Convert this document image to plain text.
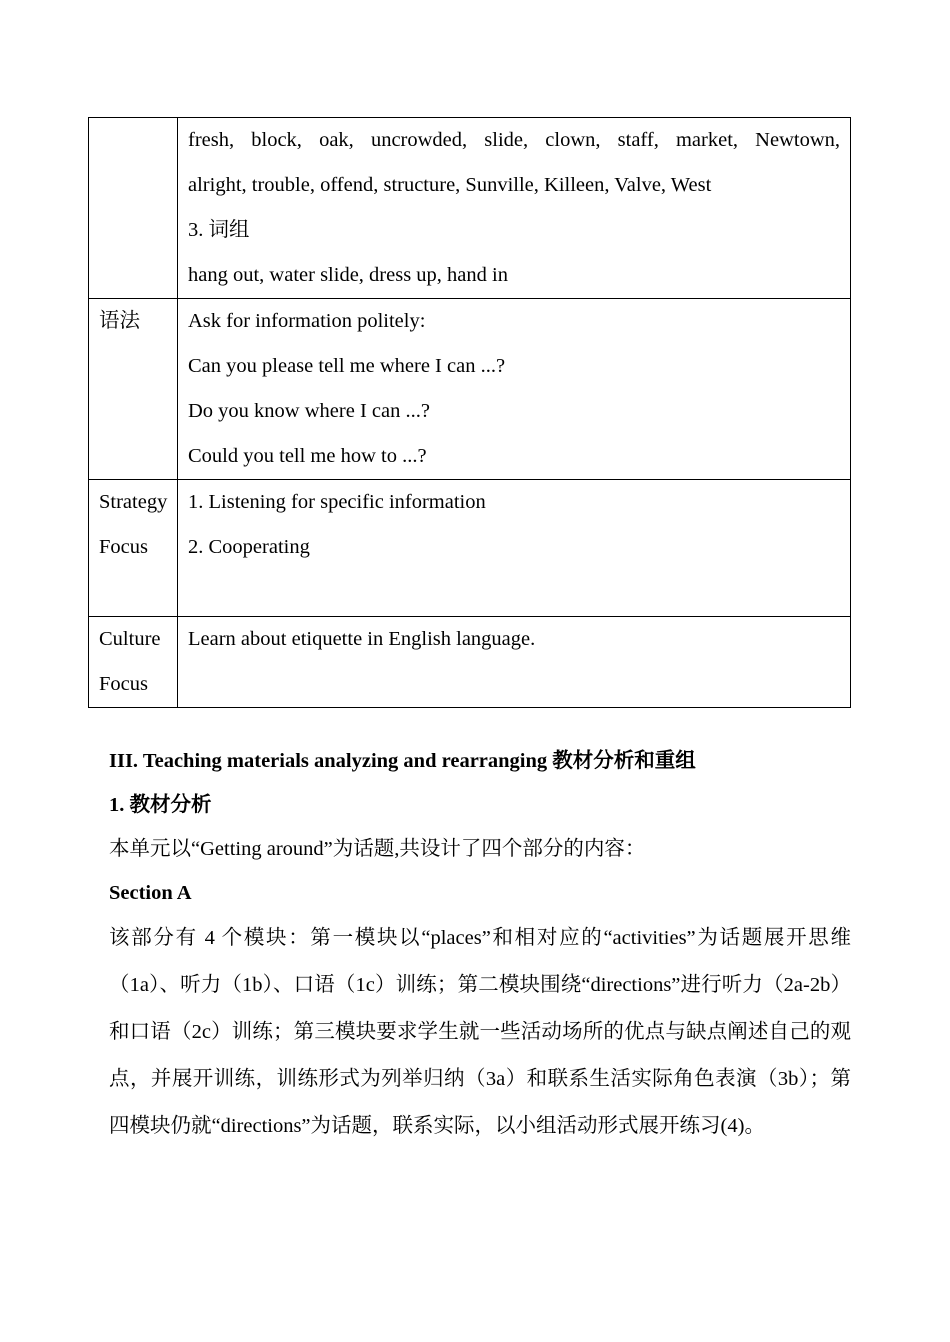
	fresh, block, oak, uncrowded, slide, clown, staff, market, Newtown,

alright, trouble, offend, structure, Sunville, Killeen, Valve, West

3. 词组

hang out, water slide, dress up, hand in

语法	Ask for information politely:

Can you please tell me where I can ...?

Do you know where I can ...?

Could you tell me how to ...?

Strategy Focus	1. Listening for specific information

2. Cooperating

Culture Focus	Learn about etiquette in English language.

III. Teaching materials analyzing and rearranging 教材分析和重组
1. 教材分析
本单元以“Getting around”为话题,共设计了四个部分的内容：
Section A
该部分有 4 个模块：第一模块以“places”和相对应的“activities”为话题展开思维（1a）、听力（1b）、口语（1c）训练；第二模块围绕“directions”进行听力（2a-2b）和口语（2c）训练；第三模块要求学生就一些活动场所的优点与缺点阐述自己的观点，并展开训练，训练形式为列举归纳（3a）和联系生活实际角色表演（3b）；第四模块仍就“directions”为话题，联系实际，以小组活动形式展开练习(4)。
